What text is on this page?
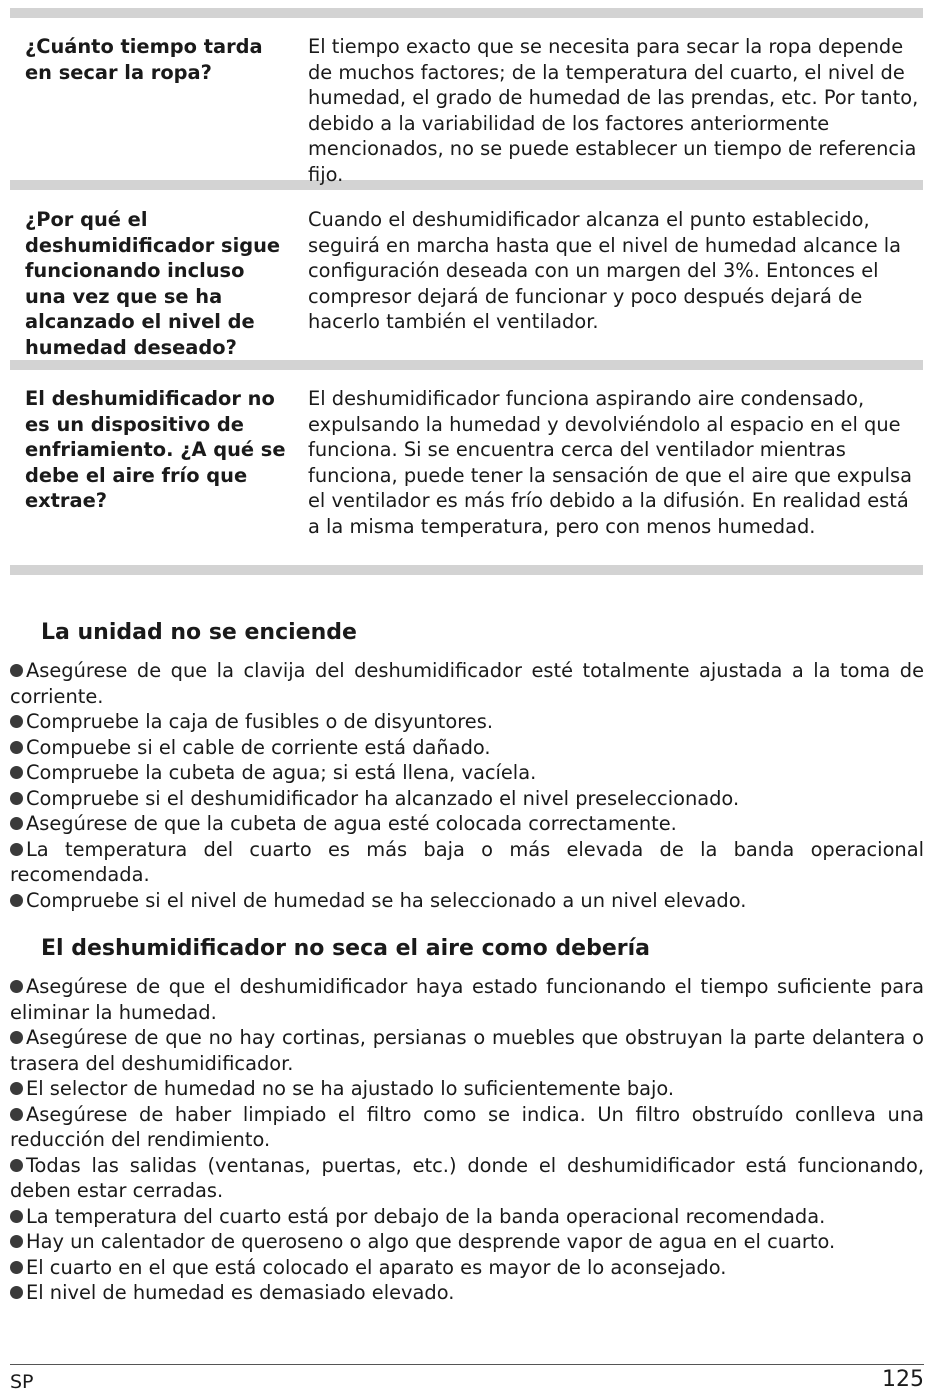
¿Cuánto tiempo tarda en secar la ropa?
El tiempo exacto que se necesita para secar la ropa depende de muchos factores; de la temperatura del cuarto, el nivel de humedad, el grado de humedad de las prendas, etc. Por tanto, debido a la variabilidad de los factores anteriormente mencionados, no se puede establecer un tiempo de referencia fijo.
¿Por qué el deshumidificador sigue funcionando incluso una vez que se ha alcanzado el nivel de humedad deseado?
Cuando el deshumidificador alcanza el punto establecido, seguirá en marcha hasta que el nivel de humedad alcance la configuración deseada con un margen del 3%. Entonces el compresor dejará de funcionar y poco después dejará de hacerlo también el ventilador.
El deshumidificador no es un dispositivo de enfriamiento. ¿A qué se debe el aire frío que extrae?
El deshumidificador funciona aspirando aire condensado, expulsando la humedad y devolviéndolo al espacio en el que funciona. Si se encuentra cerca del ventilador mientras funciona, puede tener la sensación de que el aire que expulsa el ventilador es más frío debido a la difusión. En realidad está a la misma temperatura, pero con menos humedad.
La unidad no se enciende
Asegúrese de que la clavija del deshumidificador esté totalmente ajustada a la toma de corriente.
Compruebe la caja de fusibles o de disyuntores.
Compuebe si el cable de corriente está dañado.
Compruebe la cubeta de agua; si está llena, vacíela.
Compruebe si el deshumidificador ha alcanzado el nivel preseleccionado.
Asegúrese de que la cubeta de agua esté colocada correctamente.
La temperatura del cuarto es más baja o más elevada de la banda operacional recomendada.
Compruebe si el nivel de humedad se ha seleccionado a un nivel elevado.
El deshumidificador no seca el aire como debería
Asegúrese de que el deshumidificador haya estado funcionando el tiempo suficiente para eliminar la humedad.
Asegúrese de que no hay cortinas, persianas o muebles que obstruyan la parte delantera o trasera del deshumidificador.
El selector de humedad no se ha ajustado lo suficientemente bajo.
Asegúrese de haber limpiado el filtro como se indica. Un filtro obstruído conlleva una reducción del rendimiento.
Todas las salidas (ventanas, puertas, etc.) donde el deshumidificador está funcionando, deben estar cerradas.
La temperatura del cuarto está por debajo de la banda operacional recomendada.
Hay un calentador de queroseno o algo que desprende vapor de agua en el cuarto.
El cuarto en el que está colocado el aparato es mayor de lo aconsejado.
El nivel de humedad es demasiado elevado.
SP	125
